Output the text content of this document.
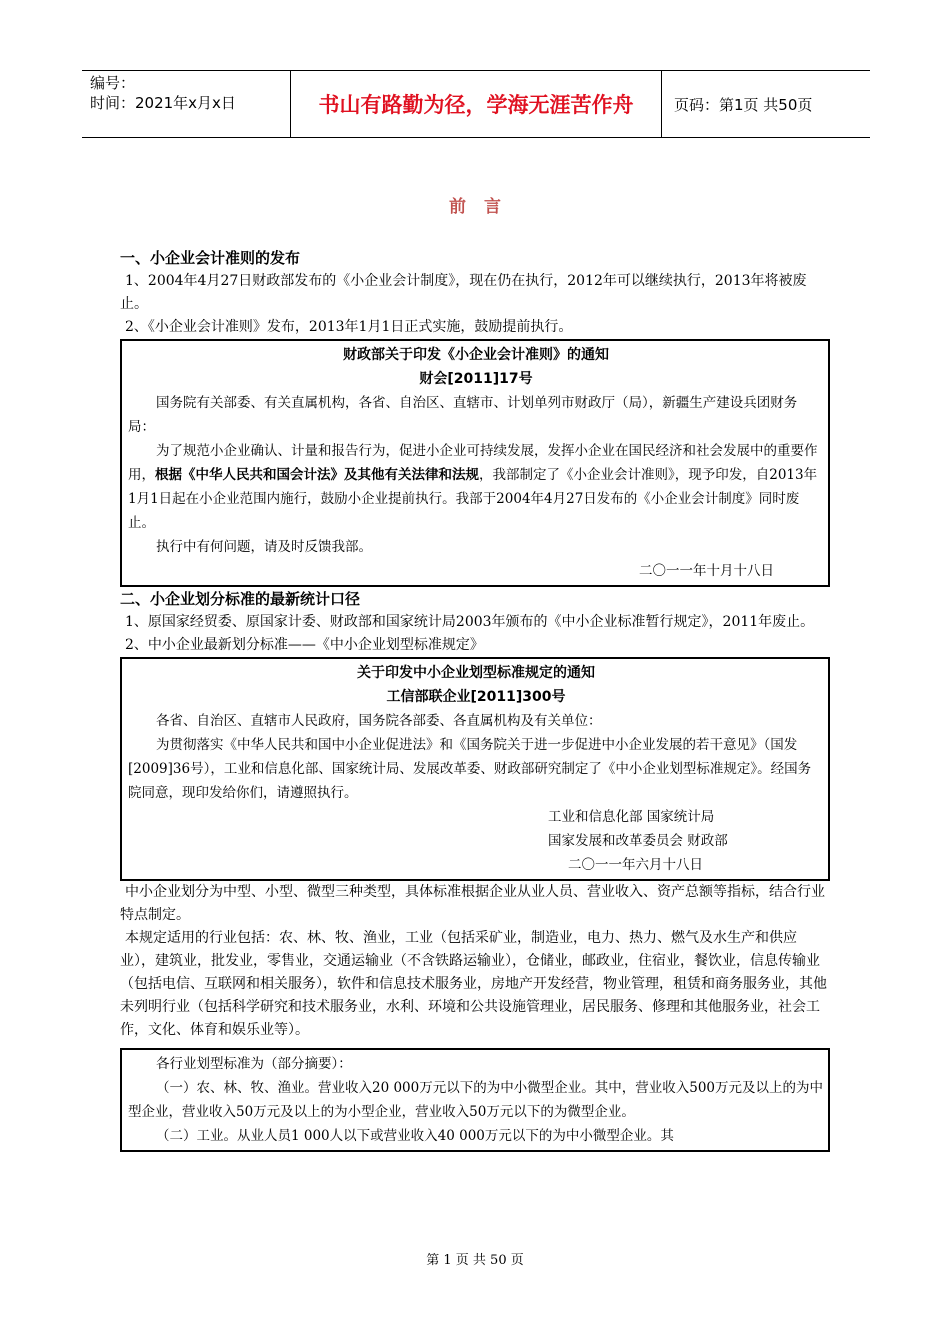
编号：
时间：2021年x月x日	书山有路勤为径，学海无涯苦作舟	页码：第1页 共50页
前言

一、小企业会计准则的发布

1、2004年4月27日财政部发布的《小企业会计制度》，现在仍在执行，2012年可以继续执行，2013年将被废止。

2、《小企业会计准则》发布，2013年1月1日正式实施，鼓励提前执行。

财政部关于印发《小企业会计准则》的通知
财会[2011]17号

国务院有关部委、有关直属机构，各省、自治区、直辖市、计划单列市财政厅（局），新疆生产建设兵团财务局：

为了规范小企业确认、计量和报告行为，促进小企业可持续发展，发挥小企业在国民经济和社会发展中的重要作用，根据《中华人民共和国会计法》及其他有关法律和法规，我部制定了《小企业会计准则》，现予印发，自2013年1月1日起在小企业范围内施行，鼓励小企业提前执行。我部于2004年4月27日发布的《小企业会计制度》同时废止。

执行中有何问题，请及时反馈我部。

二〇一一年十月十八日

二、小企业划分标准的最新统计口径

1、原国家经贸委、原国家计委、财政部和国家统计局2003年颁布的《中小企业标准暂行规定》，2011年废止。

2、中小企业最新划分标准——《中小企业划型标准规定》

关于印发中小企业划型标准规定的通知
工信部联企业[2011]300号

各省、自治区、直辖市人民政府，国务院各部委、各直属机构及有关单位：

为贯彻落实《中华人民共和国中小企业促进法》和《国务院关于进一步促进中小企业发展的若干意见》（国发[2009]36号），工业和信息化部、国家统计局、发展改革委、财政部研究制定了《中小企业划型标准规定》。经国务院同意，现印发给你们，请遵照执行。

工业和信息化部 国家统计局

国家发展和改革委员会 财政部

二〇一一年六月十八日

中小企业划分为中型、小型、微型三种类型，具体标准根据企业从业人员、营业收入、资产总额等指标，结合行业特点制定。

本规定适用的行业包括：农、林、牧、渔业，工业（包括采矿业，制造业，电力、热力、燃气及水生产和供应业），建筑业，批发业，零售业，交通运输业（不含铁路运输业），仓储业，邮政业，住宿业，餐饮业，信息传输业（包括电信、互联网和相关服务），软件和信息技术服务业，房地产开发经营，物业管理，租赁和商务服务业，其他未列明行业（包括科学研究和技术服务业，水利、环境和公共设施管理业，居民服务、修理和其他服务业，社会工作，文化、体育和娱乐业等）。

各行业划型标准为（部分摘要）：

（一）农、林、牧、渔业。营业收入20 000万元以下的为中小微型企业。其中，营业收入500万元及以上的为中型企业，营业收入50万元及以上的为小型企业，营业收入50万元以下的为微型企业。

（二）工业。从业人员1 000人以下或营业收入40 000万元以下的为中小微型企业。其

第 1 页 共 50 页
